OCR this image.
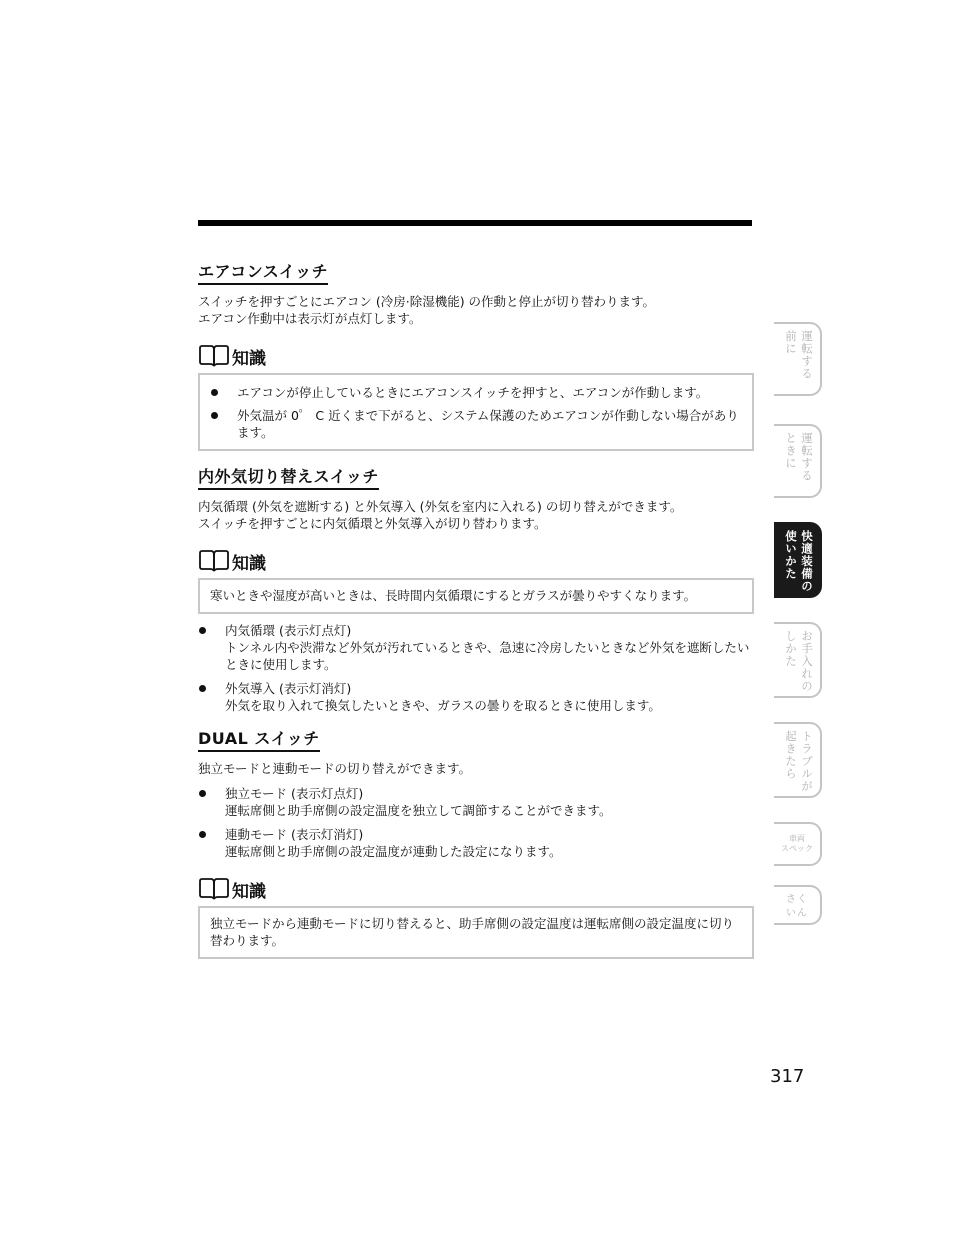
エアコンスイッチ

スイッチを押すごとにエアコン (冷房·除湿機能) の作動と停止が切り替わります。

エアコン作動中は表示灯が点灯します。

知識
エアコンが停止しているときにエアコンスイッチを押すと、エアコンが作動します。
外気温が 0゜ C 近くまで下がると、システム保護のためエアコンが作動しない場合があります。
内外気切り替えスイッチ

内気循環 (外気を遮断する) と外気導入 (外気を室内に入れる) の切り替えができます。

スイッチを押すごとに内気循環と外気導入が切り替わります。

知識
寒いときや湿度が高いときは、長時間内気循環にするとガラスが曇りやすくなります。
内気循環 (表示灯点灯)
トンネル内や渋滞など外気が汚れているときや、急速に冷房したいときなど外気を遮断したいときに使用します。
外気導入 (表示灯消灯)
外気を取り入れて換気したいときや、ガラスの曇りを取るときに使用します。
DUAL スイッチ

独立モードと連動モードの切り替えができます。

独立モード (表示灯点灯)
運転席側と助手席側の設定温度を独立して調節することができます。
連動モード (表示灯消灯)
運転席側と助手席側の設定温度が連動した設定になります。
知識
独立モードから連動モードに切り替えると、助手席側の設定温度は運転席側の設定温度に切り替わります。
運転する
前に
運転する
ときに
快適装備の
使いかた
お手入れの
しかた
トラブルが
起きたら
車両
スペック
さく
いん
317
